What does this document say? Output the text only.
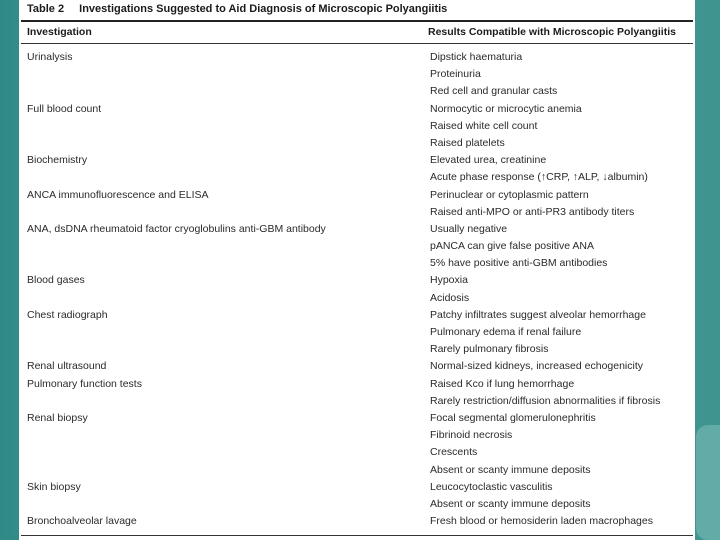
Table 2 Investigations Suggested to Aid Diagnosis of Microscopic Polyangiitis
Investigation	Results Compatible with Microscopic Polyangiitis
Urinalysis	Dipstick haematuria
Proteinuria
Red cell and granular casts
Full blood count	Normocytic or microcytic anemia
Raised white cell count
Raised platelets
Biochemistry	Elevated urea, creatinine
Acute phase response (↑CRP, ↑ALP, ↓albumin)
ANCA immunofluorescence and ELISA	Perinuclear or cytoplasmic pattern
Raised anti-MPO or anti-PR3 antibody titers
ANA, dsDNA rheumatoid factor cryoglobulins anti-GBM antibody	Usually negative
pANCA can give false positive ANA
5% have positive anti-GBM antibodies
Blood gases	Hypoxia
Acidosis
Chest radiograph	Patchy infiltrates suggest alveolar hemorrhage
Pulmonary edema if renal failure
Rarely pulmonary fibrosis
Renal ultrasound	Normal-sized kidneys, increased echogenicity
Pulmonary function tests	Raised Kco if lung hemorrhage
Rarely restriction/diffusion abnormalities if fibrosis
Renal biopsy	Focal segmental glomerulonephritis
Fibrinoid necrosis
Crescents
Absent or scanty immune deposits
Skin biopsy	Leucocytoclastic vasculitis
Absent or scanty immune deposits
Bronchoalveolar lavage	Fresh blood or hemosiderin laden macrophages
